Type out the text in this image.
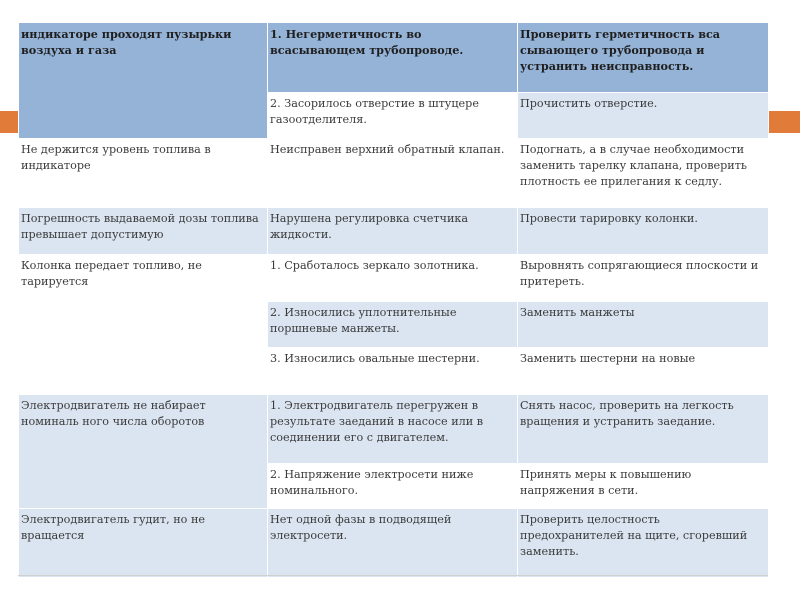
индикаторе проходят пузырьки воздуха и газа	1. Негерметичность во всасывающем трубопроводе.	Проверить герметичность вса сывающего трубопровода и устранить неисправность.
	2. Засорилось отверстие в штуцере газоотделителя.	Прочистить отверстие.
Не держится уровень топлива в индикаторе	Неисправен верхний обратный клапан.	Подогнать, а в случае необходимости заменить тарелку клапана, проверить плотность ее прилегания к седлу.
Погрешность выдаваемой дозы топлива превышает допустимую	Нарушена регулировка счетчика жидкости.	Провести тарировку колонки.
Колонка передает топливо, не тарируется	1. Сработалось зеркало золотника.	Выровнять сопрягающиеся плоскости и притереть.
	2. Износились уплотнительные поршневые манжеты.	Заменить манжеты
	3. Износились овальные шестерни.	Заменить шестерни на новые
Электродвигатель не набирает номиналь ного числа оборотов	1. Электродвигатель перегружен в результате заеданий в насосе или в соединении его с двигателем.	Снять насос, проверить на легкость вращения и устранить заедание.
	2. Напряжение электросети ниже номинального.	Принять меры к повышению напряжения в сети.
Электродвигатель гудит, но не вращается	Нет одной фазы в подводящей электросети.	Проверить целостность предохранителей на щите, сгоревший заменить.
